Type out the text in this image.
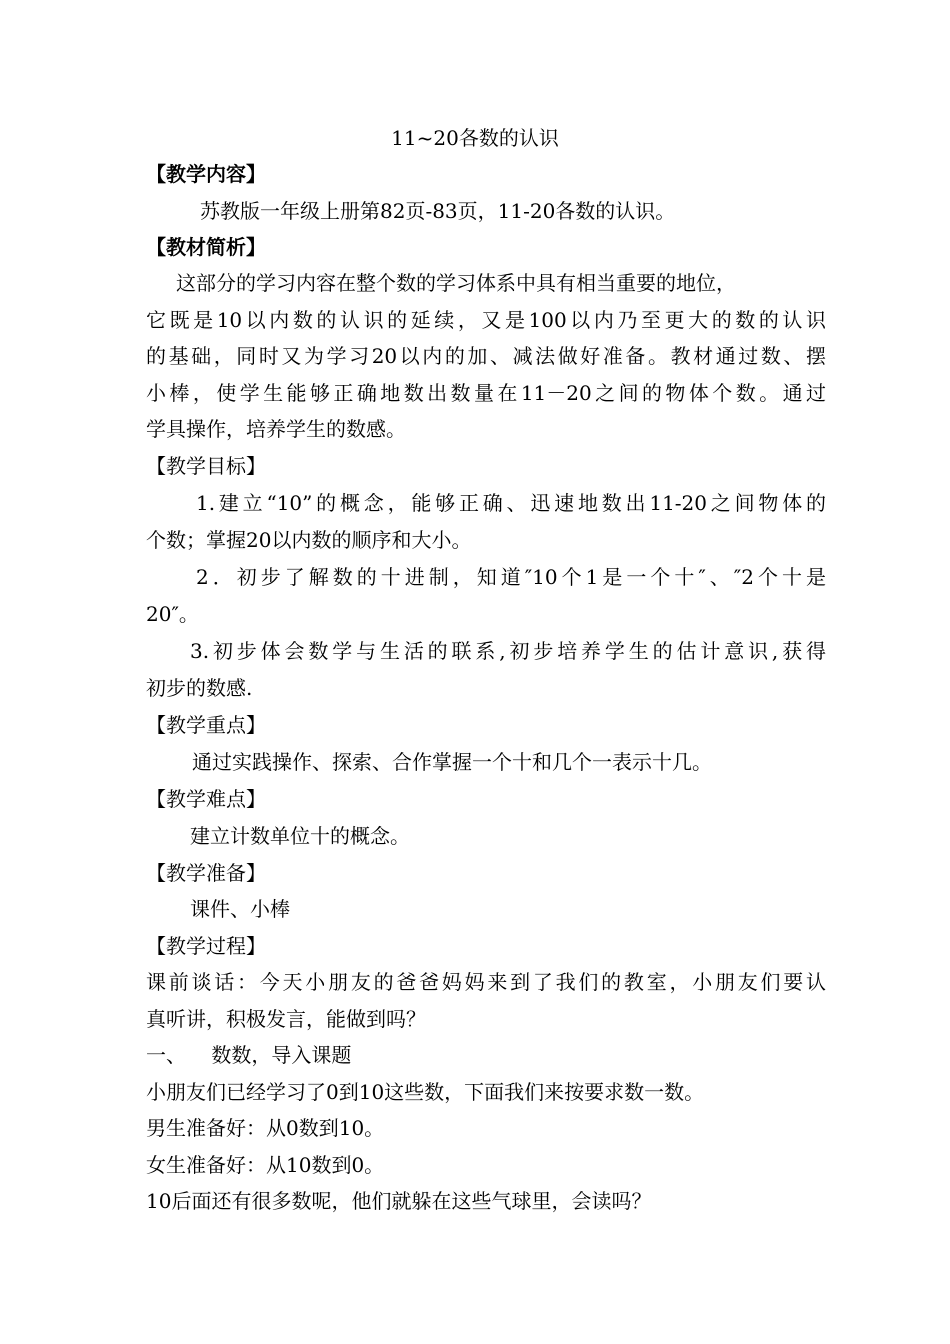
11~20各数的认识
【教学内容】
苏教版一年级上册第82页-83页，11-20各数的认识。
【教材简析】
这部分的学习内容在整个数的学习体系中具有相当重要的地位，
它既是10以内数的认识的延续，又是100以内乃至更大的数的认识
的基础，同时又为学习20以内的加、减法做好准备。教材通过数、摆
小棒，使学生能够正确地数出数量在11－20之间的物体个数。通过
学具操作，培养学生的数感。
【教学目标】
1.建立“10”的概念，能够正确、迅速地数出11-20之间物体的
个数；掌握20以内数的顺序和大小。
2．初步了解数的十进制，知道″10个1是一个十″、″2个十是
20″。
3.初步体会数学与生活的联系,初步培养学生的估计意识,获得
初步的数感.
【教学重点】
通过实践操作、探索、合作掌握一个十和几个一表示十几。
【教学难点】
建立计数单位十的概念。
【教学准备】
课件、小棒
【教学过程】
课前谈话：今天小朋友的爸爸妈妈来到了我们的教室，小朋友们要认
真听讲，积极发言，能做到吗？
一、    数数，导入课题
小朋友们已经学习了0到10这些数，下面我们来按要求数一数。
男生准备好：从0数到10。
女生准备好：从10数到0。
10后面还有很多数呢，他们就躲在这些气球里，会读吗？
